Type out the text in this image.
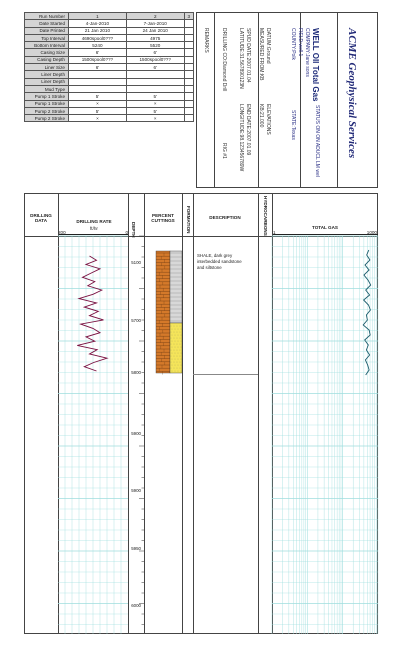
Run Number	1	2	3
Date Started	4-Jan-2010	7-Jan-2010	
Date Printed	21 Jan 2010	24 Jan 2010	
Top Interval	4690spool0???	4975	
Bottom Interval	5240	5520	
Casing Size	6'	6'	
Casing Depth	1500spool0???	1500spool0???	
Liner Size	6'	6'	
Liner Depth			
Liner Depth			
Mud Type			
Pump 1 Stroke	5'	5'	
Pump 1 Stroke	×	×	
Pump 2 Stroke	5'	5'	
Pump 2 Stroke	×	×		ACME Geophysical Services
WELL OIl Total Gas
STATUS ON ON ADUCL LM wel
COMPANY:Jane sons
FIELD:well.1
COUNTY:Polk
STATE:Texas
DATUM:Ground
ELEVATIONS
MEASURED FROM:KB
KB:21.000
SPUD DATE:2007.01.04
END DATE:2007.01.09
LATITUDE:31.567890123N
LONGITUDE:98.123456789W
DRILLING CO:Diamond Drill
RIG #1
REMARKS
DRILLING DATA	DRILLING RATE
ft/hr
200	0 DEPTH
PERCENT CUTTINGS	FORMATION	DESCRIPTION	HYDROCARBONS	TOTAL GAS
1	1000
5100
5700
5800
5900
5900
5950
6000
SHALE, dark grey
interbedded sandstone
and siltstone
